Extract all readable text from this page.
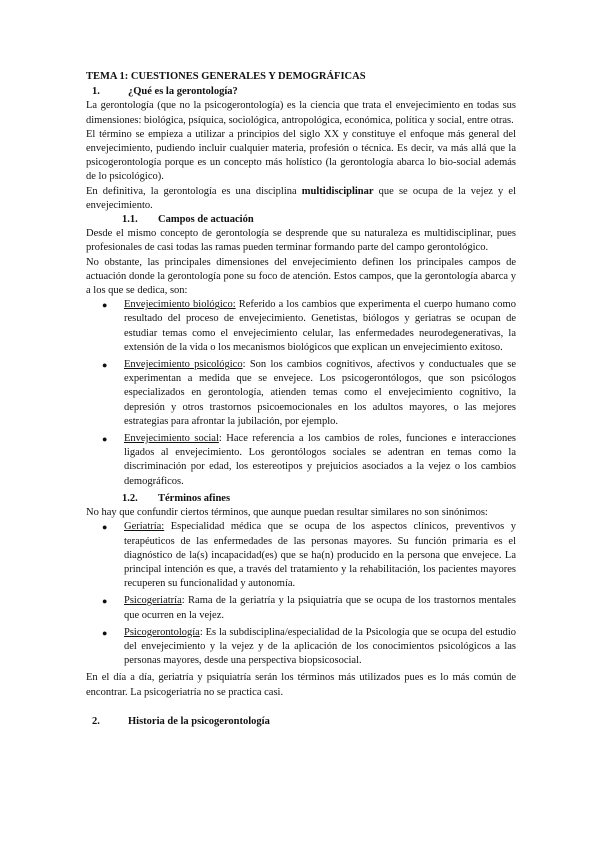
TEMA 1: CUESTIONES GENERALES Y DEMOGRÁFICAS

1.	¿Qué es la gerontología?

La gerontología (que no la psicogerontología) es la ciencia que trata el envejecimiento en todas sus dimensiones: biológica, psíquica, sociológica, antropológica, económica, política y social, entre otras.

El término se empieza a utilizar a principios del siglo XX y constituye el enfoque más general del envejecimiento, pudiendo incluir cualquier materia, profesión o técnica. Es decir, va más allá que la psicogerontología porque es un concepto más holístico (la gerontología abarca lo bio-social además de lo psicológico).

En definitiva, la gerontología es una disciplina multidisciplinar que se ocupa de la vejez y el envejecimiento.

1.1. Campos de actuación

Desde el mismo concepto de gerontología se desprende que su naturaleza es multidisciplinar, pues profesionales de casi todas las ramas pueden terminar formando parte del campo gerontológico.

No obstante, las principales dimensiones del envejecimiento definen los principales campos de actuación donde la gerontología pone su foco de atención. Estos campos, que la gerontología abarca y a los que se dedica, son:

● Envejecimiento biológico: Referido a los cambios que experimenta el cuerpo humano como resultado del proceso de envejecimiento. Genetistas, biólogos y geriatras se ocupan de estudiar temas como el envejecimiento celular, las enfermedades neurodegenerativas, la extensión de la vida o los mecanismos biológicos que explican un envejecimiento exitoso.
● Envejecimiento psicológico: Son los cambios cognitivos, afectivos y conductuales que se experimentan a medida que se envejece. Los psicogerontólogos, que son psicólogos especializados en gerontología, atienden temas como el envejecimiento cognitivo, la depresión y otros trastornos psicoemocionales en los adultos mayores, o las mejores estrategias para afrontar la jubilación, por ejemplo.
● Envejecimiento social: Hace referencia a los cambios de roles, funciones e interacciones ligados al envejecimiento. Los gerontólogos sociales se adentran en temas como la discriminación por edad, los estereotipos y prejuicios asociados a la vejez o los cambios demográficos.
1.2. Términos afines

No hay que confundir ciertos términos, que aunque puedan resultar similares no son sinónimos:

● Geriatría: Especialidad médica que se ocupa de los aspectos clínicos, preventivos y terapéuticos de las enfermedades de las personas mayores. Su función primaria es el diagnóstico de la(s) incapacidad(es) que se ha(n) producido en la persona que envejece. La principal intención es que, a través del tratamiento y la rehabilitación, los pacientes mayores recuperen su funcionalidad y autonomía.
● Psicogeriatría: Rama de la geriatría y la psiquiatría que se ocupa de los trastornos mentales que ocurren en la vejez.
● Psicogerontología: Es la subdisciplina/especialidad de la Psicología que se ocupa del estudio del envejecimiento y la vejez y de la aplicación de los conocimientos psicológicos a las personas mayores, desde una perspectiva biopsicosocial.

En el día a día, geriatría y psiquiatría serán los términos más utilizados pues es lo más común de encontrar. La psicogeriatría no se practica casi.

2.	Historia de la psicogerontología
